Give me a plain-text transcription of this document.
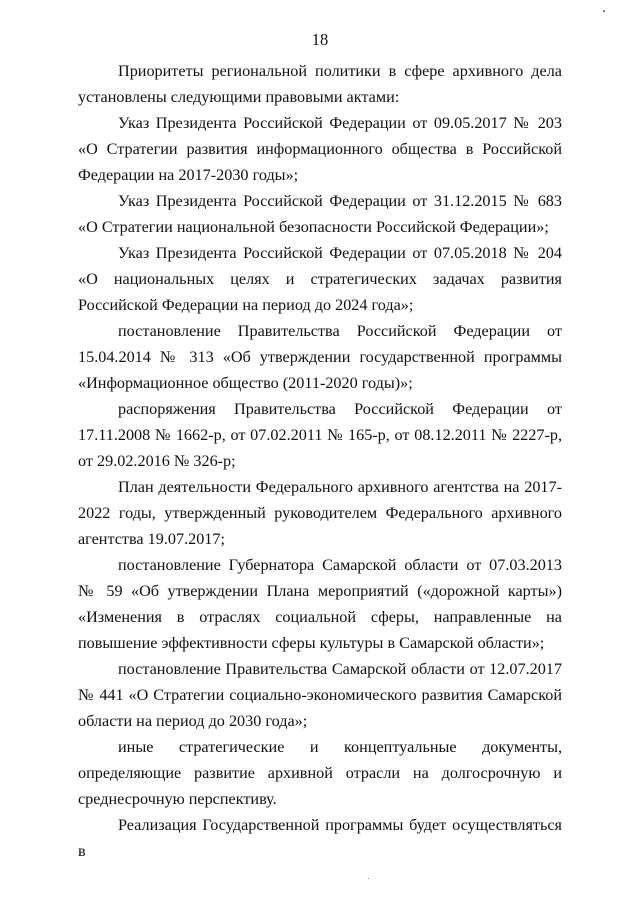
18

Приоритеты региональной политики в сфере архивного дела установлены следующими правовыми актами:

Указ Президента Российской Федерации от 09.05.2017 № 203 «О Стратегии развития информационного общества в Российской Федерации на 2017-2030 годы»;

Указ Президента Российской Федерации от 31.12.2015 № 683 «О Стратегии национальной безопасности Российской Федерации»;

Указ Президента Российской Федерации от 07.05.2018 № 204 «О национальных целях и стратегических задачах развития Российской Федерации на период до 2024 года»;

постановление Правительства Российской Федерации от 15.04.2014 № 313 «Об утверждении государственной программы «Информационное общество (2011-2020 годы)»;

распоряжения Правительства Российской Федерации от 17.11.2008 № 1662-р, от 07.02.2011 № 165-р, от 08.12.2011 № 2227-р, от 29.02.2016 № 326-р;

План деятельности Федерального архивного агентства на 2017-2022 годы, утвержденный руководителем Федерального архивного агентства 19.07.2017;

постановление Губернатора Самарской области от 07.03.2013 № 59 «Об утверждении Плана мероприятий («дорожной карты») «Изменения в отраслях социальной сферы, направленные на повышение эффективности сферы культуры в Самарской области»;

постановление Правительства Самарской области от 12.07.2017 № 441 «О Стратегии социально-экономического развития Самарской области на период до 2030 года»;

иные стратегические и концептуальные документы, определяющие развитие архивной отрасли на долгосрочную и среднесрочную перспективу.

Реализация Государственной программы будет осуществляться в
